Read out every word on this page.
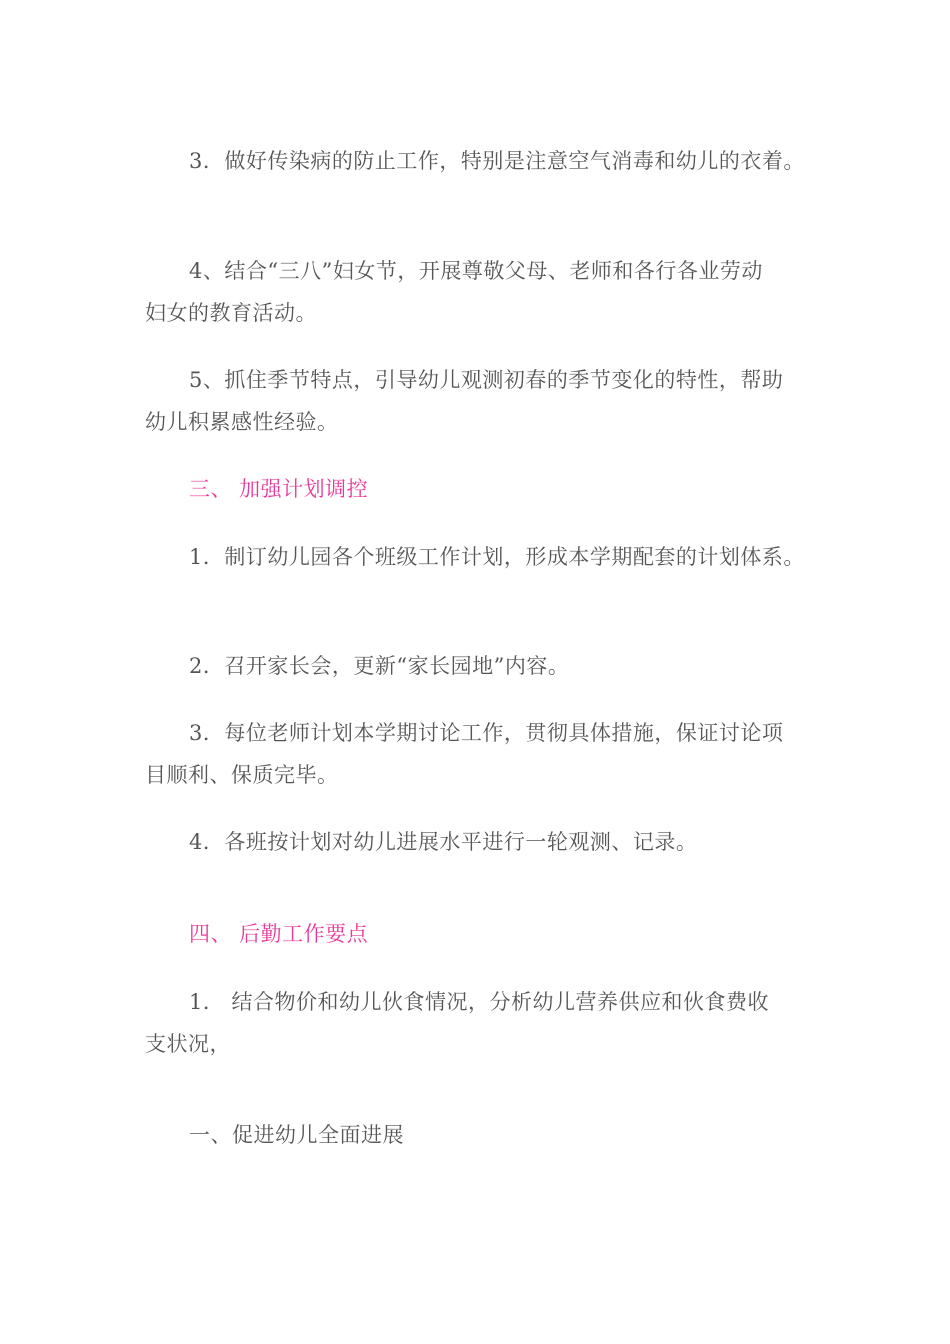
3．做好传染病的防止工作，特别是注意空气消毒和幼儿的衣着。
4、结合“三八”妇女节，开展尊敬父母、老师和各行各业劳动
妇女的教育活动。
5、抓住季节特点，引导幼儿观测初春的季节变化的特性，帮助
幼儿积累感性经验。
三、 加强计划调控
1．制订幼儿园各个班级工作计划，形成本学期配套的计划体系。
2．召开家长会，更新“家长园地”内容。
3．每位老师计划本学期讨论工作，贯彻具体措施，保证讨论项
目顺利、保质完毕。
4．各班按计划对幼儿进展水平进行一轮观测、记录。
四、 后勤工作要点
1． 结合物价和幼儿伙食情况，分析幼儿营养供应和伙食费收
支状况，
一、促进幼儿全面进展
